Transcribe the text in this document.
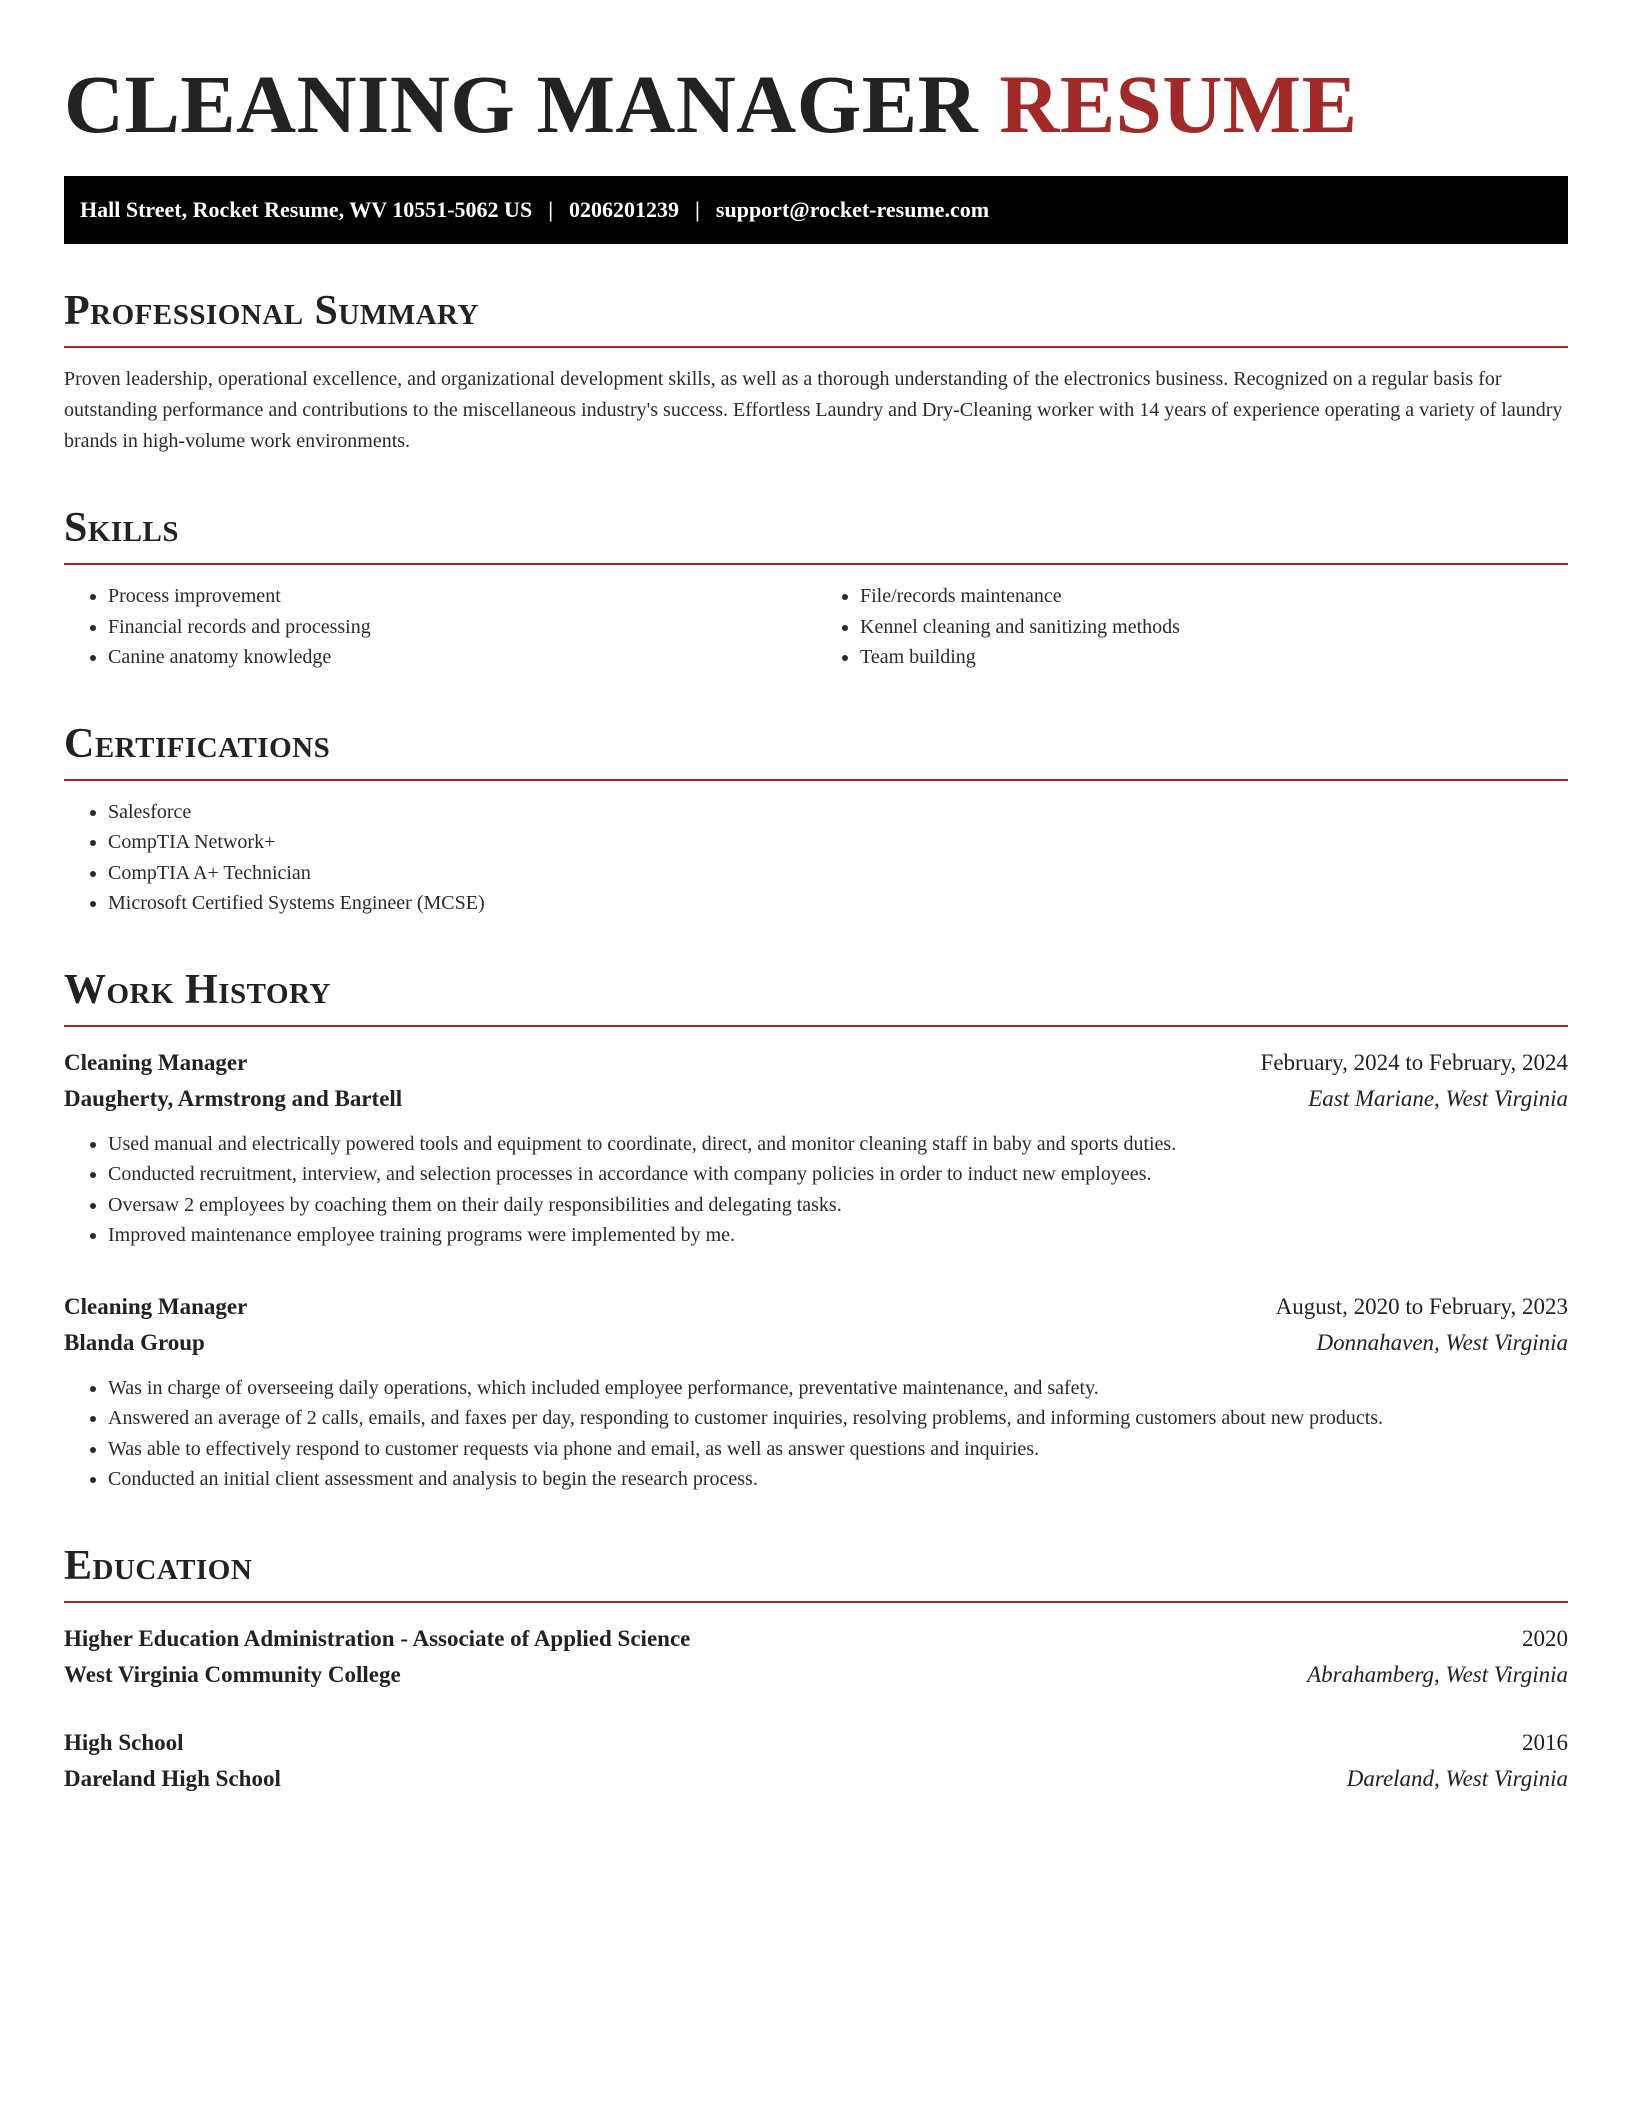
CLEANING MANAGER RESUME
Hall Street, Rocket Resume, WV 10551-5062 US | 0206201239 | support@rocket-resume.com
Professional Summary

Proven leadership, operational excellence, and organizational development skills, as well as a thorough understanding of the electronics business. Recognized on a regular basis for outstanding performance and contributions to the miscellaneous industry's success. Effortless Laundry and Dry-Cleaning worker with 14 years of experience operating a variety of laundry brands in high-volume work environments.

Skills
• Process improvement
• Financial records and processing
• Canine anatomy knowledge
• File/records maintenance
• Kennel cleaning and sanitizing methods
• Team building
Certifications
• Salesforce
• CompTIA Network+
• CompTIA A+ Technician
• Microsoft Certified Systems Engineer (MCSE)
Work History
Cleaning Manager	February, 2024 to February, 2024
Daugherty, Armstrong and Bartell	East Mariane, West Virginia
• Used manual and electrically powered tools and equipment to coordinate, direct, and monitor cleaning staff in baby and sports duties.
• Conducted recruitment, interview, and selection processes in accordance with company policies in order to induct new employees.
• Oversaw 2 employees by coaching them on their daily responsibilities and delegating tasks.
• Improved maintenance employee training programs were implemented by me.
Cleaning Manager	August, 2020 to February, 2023
Blanda Group	Donnahaven, West Virginia
• Was in charge of overseeing daily operations, which included employee performance, preventative maintenance, and safety.
• Answered an average of 2 calls, emails, and faxes per day, responding to customer inquiries, resolving problems, and informing customers about new products.
• Was able to effectively respond to customer requests via phone and email, as well as answer questions and inquiries.
• Conducted an initial client assessment and analysis to begin the research process.
Education
Higher Education Administration - Associate of Applied Science	2020
West Virginia Community College	Abrahamberg, West Virginia
High School	2016
Dareland High School	Dareland, West Virginia
